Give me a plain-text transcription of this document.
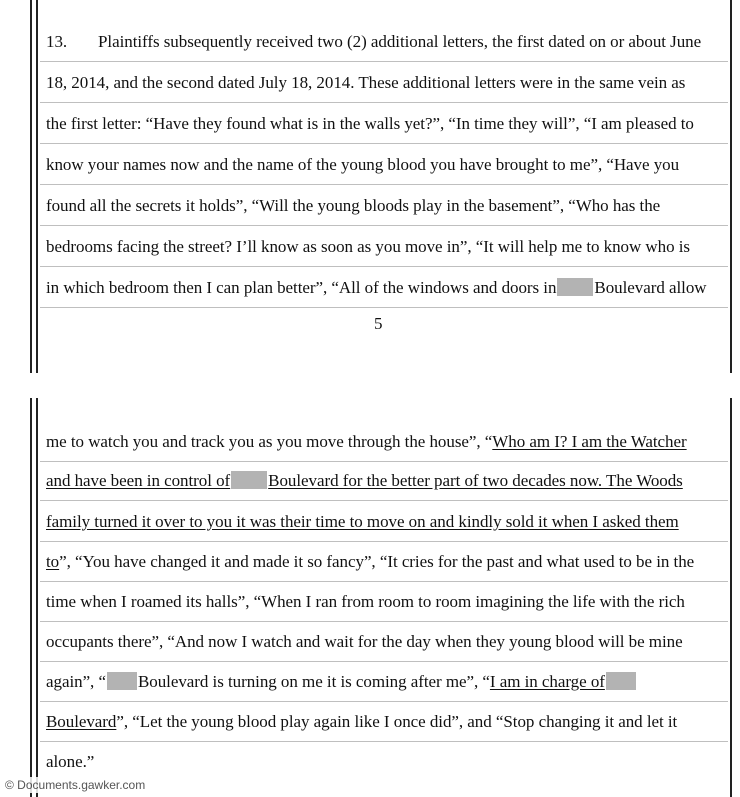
13. Plaintiffs subsequently received two (2) additional letters, the first dated on or about June
18, 2014, and the second dated July 18, 2014. These additional letters were in the same vein as
the first letter: “Have they found what is in the walls yet?”, “In time they will”, “I am pleased to
know your names now and the name of the young blood you have brought to me”, “Have you
found all the secrets it holds”, “Will the young bloods play in the basement”, “Who has the
bedrooms facing the street? I’ll know as soon as you move in”, “It will help me to know who is
in which bedroom then I can plan better”, “All of the windows and doors in Boulevard allow
5
me to watch you and track you as you move through the house”, “Who am I? I am the Watcher
and have been in control of Boulevard for the better part of two decades now. The Woods
family turned it over to you it was their time to move on and kindly sold it when I asked them
to”, “You have changed it and made it so fancy”, “It cries for the past and what used to be in the
time when I roamed its halls”, “When I ran from room to room imagining the life with the rich
occupants there”, “And now I watch and wait for the day when they young blood will be mine
again”, “ Boulevard is turning on me it is coming after me”, “I am in charge of
Boulevard”, “Let the young blood play again like I once did”, and “Stop changing it and let it
alone.”
© Documents.gawker.com
